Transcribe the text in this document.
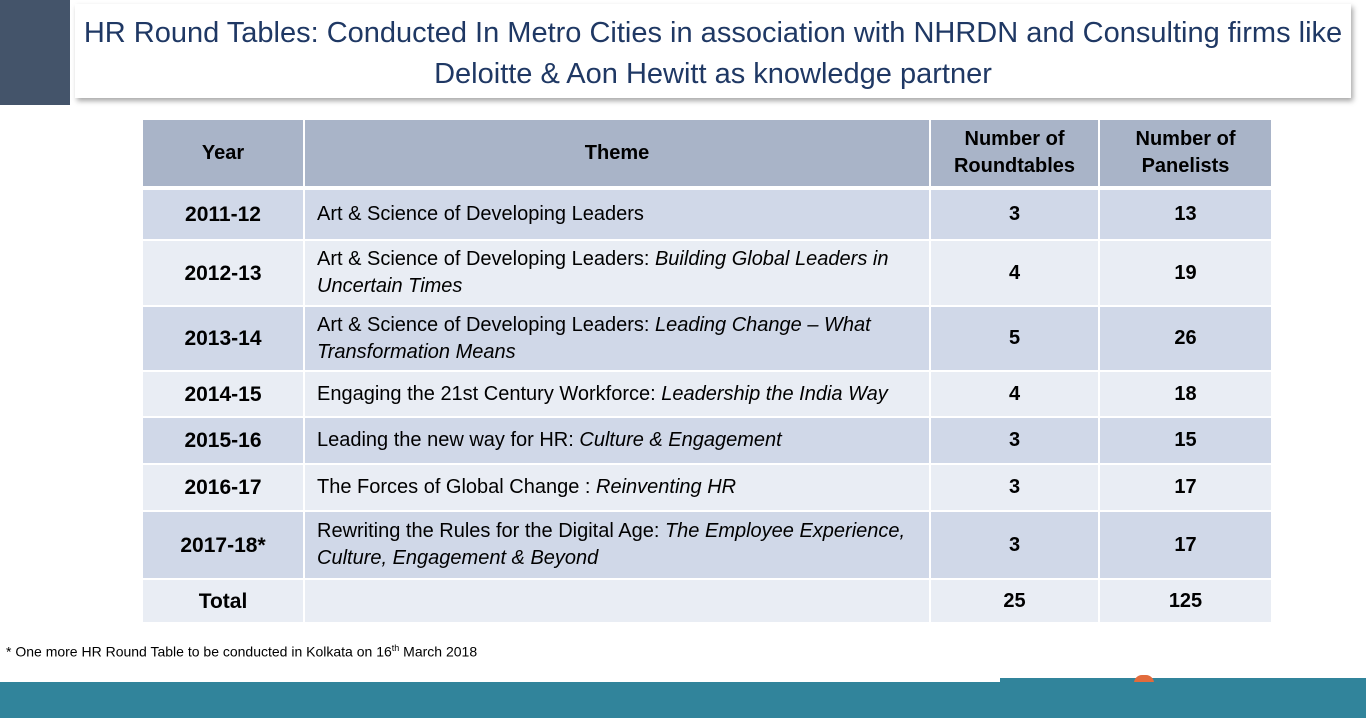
HR Round Tables: Conducted In Metro Cities in association with NHRDN and Consulting firms like Deloitte & Aon Hewitt as knowledge partner
Year	Theme	Number of Roundtables	Number of Panelists
2011-12	Art & Science of Developing Leaders	3	13
2012-13	Art & Science of Developing Leaders: Building Global Leaders in Uncertain Times	4	19
2013-14	Art & Science of Developing Leaders: Leading Change – What Transformation Means	5	26
2014-15	Engaging the 21st Century Workforce: Leadership the India Way	4	18
2015-16	Leading the new way for HR: Culture & Engagement	3	15
2016-17	The Forces of Global Change : Reinventing HR	3	17
2017-18*	Rewriting the Rules for the Digital Age: The Employee Experience, Culture, Engagement & Beyond	3	17
Total		25	125
* One more HR Round Table to be conducted in Kolkata on 16th March 2018
